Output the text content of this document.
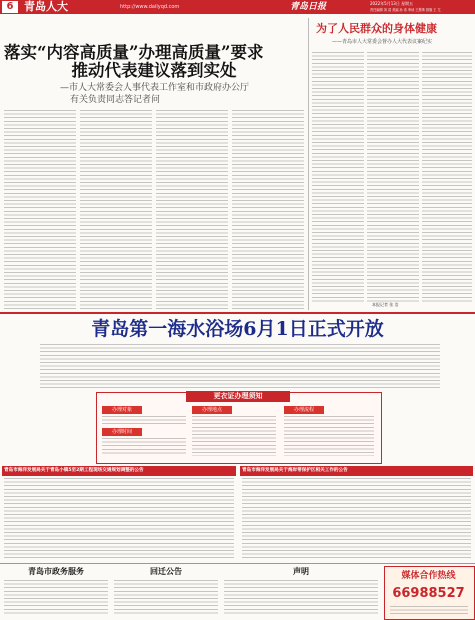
6 青岛人大	http://www.dailyqd.com	青岛日报	2022年5月13日 星期五
责任编辑 刘 清 美编 孙 希 审读 王慧珠 排版 王 尤
落实“内容高质量”办理高质量”要求
推动代表建议落到实处
—市人大常委会人事代表工作室和市政府办公厅
有关负责同志答记者问
为了人民群众的身体健康
——青岛市人大常委会督办人大代表议案纪实
本报记者 张 浩
青岛第一海水浴场6月1日正式开放
更衣证办理须知
办理对象
办理时间
办理地点	办理流程
青岛市海洋发展局关于青岛小镇5至2期工程现场交通规划调整的公告	青岛市海洋发展局关于海岸带保护区相关工作的公告
青岛市政务服务	回迁公告	声明	媒体合作热线
66988527
